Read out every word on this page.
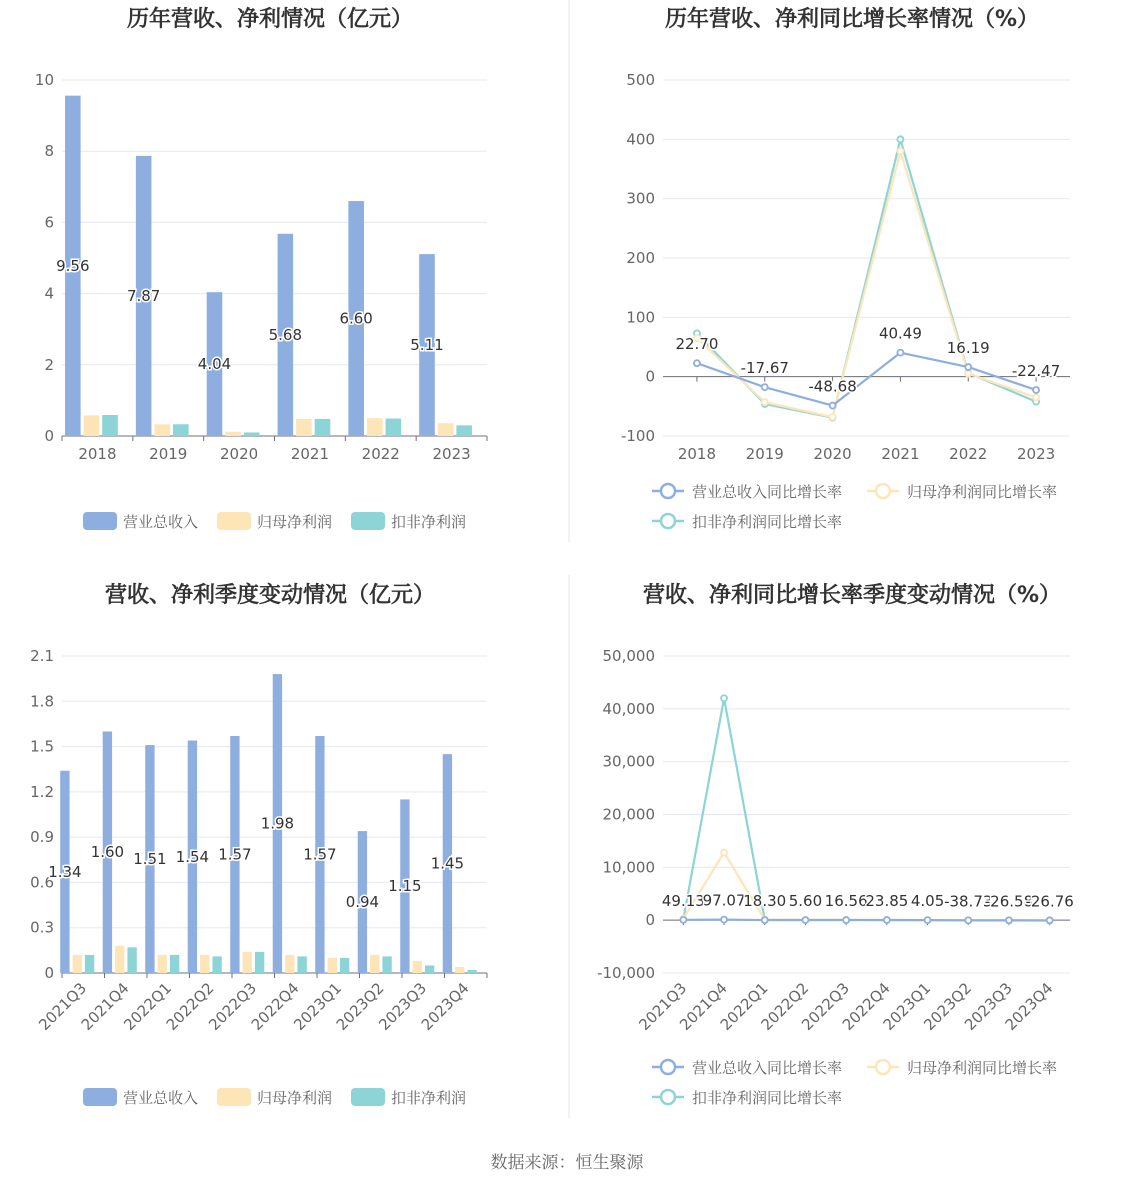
历年营收、净利情况（亿元）
0
2
4
6
8
10
2018 2019 2020 2021 2022 2023
9.56
7.87
4.04
5.68
6.60
5.11
营业总收入	归母净利润	扣非净利润
历年营收、净利同比增长率情况（%）
-100
0
100
200
300
400
500
2018 2019 2020 2021 2022 2023
22.70
-17.67
-48.68
40.49
16.19
-22.47
营业总收入同比增长率	归母净利润同比增长率
扣非净利润同比增长率
营收、净利季度变动情况（亿元）
0
0.3
0.6
0.9
1.2
1.5
1.8
2.1
2021Q3
2021Q4
2022Q1
2022Q2
2022Q3
2022Q4
2023Q1
2023Q2
2023Q3
2023Q4
1.34
1.60 1.51 1.54 1.57
1.98
1.57
0.94
1.15
1.45
营业总收入	归母净利润	扣非净利润
营收、净利同比增长率季度变动情况（%）
-10,000
0
10,000
20,000
30,000
40,000
50,000
2021Q3
2021Q4
2022Q1
2022Q2
2022Q3
2022Q4
2023Q1
2023Q2
2023Q3
2023Q4
49.13
97.07
18.30 5.60 16.56
23.85 4.05 -38.73
-26.58
-26.76
营业总收入同比增长率	归母净利润同比增长率
扣非净利润同比增长率
数据来源：恒生聚源
